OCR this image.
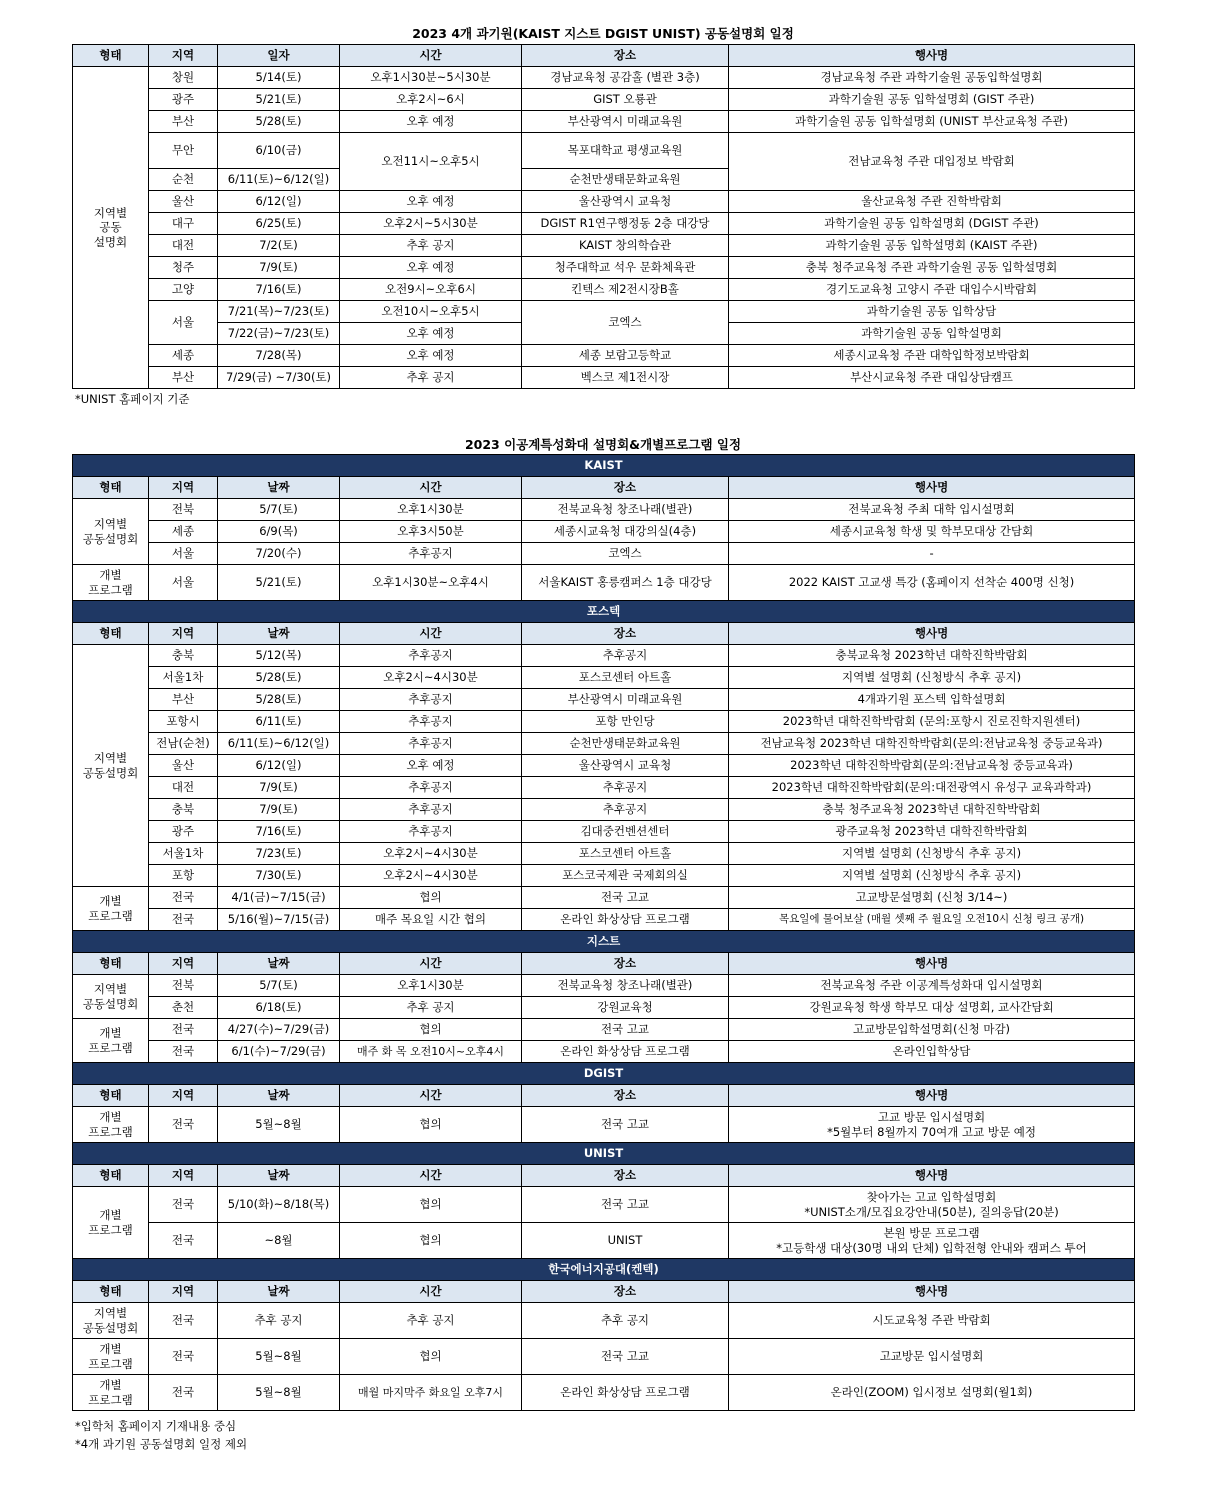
2023 4개 과기원(KAIST 지스트 DGIST UNIST) 공동설명회 일정
형태	지역	일자	시간	장소	행사명
지역별
공동
설명회	창원	5/14(토)	오후1시30분~5시30분	경남교육청 공감홀 (별관 3층)	경남교육청 주관 과학기술원 공동입학설명회
	광주	5/21(토)	오후2시~6시	GIST 오룡관	과학기술원 공동 입학설명회 (GIST 주관)
	부산	5/28(토)	오후 예정	부산광역시 미래교육원	과학기술원 공동 입학설명회 (UNIST 부산교육청 주관)
	무안	6/10(금)	오전11시~오후5시	목포대학교 평생교육원	전남교육청 주관 대입정보 박람회
	순천	6/11(토)~6/12(일)		순천만생태문화교육원	
	울산	6/12(일)	오후 예정	울산광역시 교육청	울산교육청 주관 진학박람회
	대구	6/25(토)	오후2시~5시30분	DGIST R1연구행정동 2층 대강당	과학기술원 공동 입학설명회 (DGIST 주관)
	대전	7/2(토)	추후 공지	KAIST 창의학습관	과학기술원 공동 입학설명회 (KAIST 주관)
	청주	7/9(토)	오후 예정	청주대학교 석우 문화체육관	충북 청주교육청 주관 과학기술원 공동 입학설명회
	고양	7/16(토)	오전9시~오후6시	킨텍스 제2전시장B홀	경기도교육청 고양시 주관 대입수시박람회
	서울	7/21(목)~7/23(토)	오전10시~오후5시	코엑스	과학기술원 공동 입학상담
		7/22(금)~7/23(토)	오후 예정		과학기술원 공동 입학설명회
	세종	7/28(목)	오후 예정	세종 보람고등학교	세종시교육청 주관 대학입학정보박람회
	부산	7/29(금) ~7/30(토)	추후 공지	벡스코 제1전시장	부산시교육청 주관 대입상담캠프
*UNIST 홈페이지 기준
2023 이공계특성화대 설명회&개별프로그램 일정
KAIST					
형태	지역	날짜	시간	장소	행사명
지역별
공동설명회	전북	5/7(토)	오후1시30분	전북교육청 창조나래(별관)	전북교육청 주최 대학 입시설명회
	세종	6/9(목)	오후3시50분	세종시교육청 대강의실(4층)	세종시교육청 학생 및 학부모대상 간담회
	서울	7/20(수)	추후공지	코엑스	-
개별
프로그램	서울	5/21(토)	오후1시30분~오후4시	서울KAIST 홍릉캠퍼스 1층 대강당	2022 KAIST 고교생 특강 (홈페이지 선착순 400명 신청)
포스텍					
형태	지역	날짜	시간	장소	행사명
지역별
공동설명회	충북	5/12(목)	추후공지	추후공지	충북교육청 2023학년 대학진학박람회
	서울1차	5/28(토)	오후2시~4시30분	포스코센터 아트홀	지역별 설명회 (신청방식 추후 공지)
	부산	5/28(토)	추후공지	부산광역시 미래교육원	4개과기원 포스텍 입학설명회
	포항시	6/11(토)	추후공지	포항 만인당	2023학년 대학진학박람회 (문의:포항시 진로진학지원센터)
	전남(순천)	6/11(토)~6/12(일)	추후공지	순천만생태문화교육원	전남교육청 2023학년 대학진학박람회(문의:전남교육청 중등교육과)
	울산	6/12(일)	오후 예정	울산광역시 교육청	2023학년 대학진학박람회(문의:전남교육청 중등교육과)
	대전	7/9(토)	추후공지	추후공지	2023학년 대학진학박람회(문의:대전광역시 유성구 교육과학과)
	충북	7/9(토)	추후공지	추후공지	충북 청주교육청 2023학년 대학진학박람회
	광주	7/16(토)	추후공지	김대중컨벤션센터	광주교육청 2023학년 대학진학박람회
	서울1차	7/23(토)	오후2시~4시30분	포스코센터 아트홀	지역별 설명회 (신청방식 추후 공지)
	포항	7/30(토)	오후2시~4시30분	포스코국제관 국제회의실	지역별 설명회 (신청방식 추후 공지)
개별
프로그램	전국	4/1(금)~7/15(금)	협의	전국 고교	고교방문설명회 (신청 3/14~)
	전국	5/16(월)~7/15(금)	매주 목요일 시간 협의	온라인 화상상담 프로그램	목요일에 물어보살 (매월 셋째 주 월요일 오전10시 신청 링크 공개)
지스트					
형태	지역	날짜	시간	장소	행사명
지역별
공동설명회	전북	5/7(토)	오후1시30분	전북교육청 창조나래(별관)	전북교육청 주관 이공계특성화대 입시설명회
	춘천	6/18(토)	추후 공지	강원교육청	강원교육청 학생 학부모 대상 설명회, 교사간담회
개별
프로그램	전국	4/27(수)~7/29(금)	협의	전국 고교	고교방문입학설명회(신청 마감)
	전국	6/1(수)~7/29(금)	매주 화 목 오전10시~오후4시	온라인 화상상담 프로그램	온라인입학상담
DGIST					
형태	지역	날짜	시간	장소	행사명
개별
프로그램	전국	5월~8월	협의	전국 고교	고교 방문 입시설명회
*5월부터 8월까지 70여개 고교 방문 예정
UNIST					
형태	지역	날짜	시간	장소	행사명
개별
프로그램	전국	5/10(화)~8/18(목)	협의	전국 고교	찾아가는 고교 입학설명회
*UNIST소개/모집요강안내(50분), 질의응답(20분)
	전국	~8월	협의	UNIST	본원 방문 프로그램
*고등학생 대상(30명 내외 단체) 입학전형 안내와 캠퍼스 투어
한국에너지공대(켄텍)					
형태	지역	날짜	시간	장소	행사명
지역별
공동설명회	전국	추후 공지	추후 공지	추후 공지	시도교육청 주관 박람회
개별
프로그램	전국	5월~8월	협의	전국 고교	고교방문 입시설명회
개별
프로그램	전국	5월~8월	매월 마지막주 화요일 오후7시	온라인 화상상담 프로그램	온라인(ZOOM) 입시정보 설명회(월1회)
*입학처 홈페이지 기재내용 중심
*4개 과기원 공동설명회 일정 제외
